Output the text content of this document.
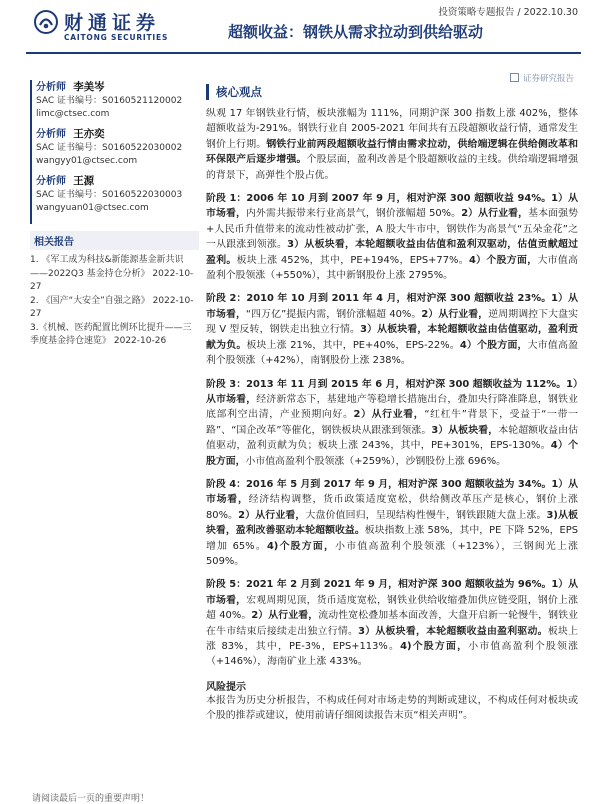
财通证券
CAITONG SECURITIES
投资策略专题报告 / 2022.10.30
超额收益：钢铁从需求拉动到供给驱动
证券研究报告
分析师 李美岑
SAC 证书编号：S0160521120002
limc@ctsec.com
分析师 王亦奕
SAC 证书编号：S0160522030002
wangyy01@ctsec.com
分析师 王源
SAC 证书编号：S0160522030003
wangyuan01@ctsec.com
相关报告
1. 《军工成为科技&新能源基金新共识——2022Q3 基金持仓分析》 2022-10-27
2. 《国产“大安全”自强之路》 2022-10-27
3.《机械、医药配置比例环比提升——三季度基金持仓速览》 2022-10-26
核心观点

纵观 17 年钢铁业行情，板块涨幅为 111%，同期沪深 300 指数上涨 402%，整体超额收益为-291%。钢铁行业自 2005-2021 年间共有五段超额收益行情，通常发生钢价上行期。钢铁行业前两段超额收益行情由需求拉动，供给端逻辑在供给侧改革和环保限产后逐步增强。个股层面，盈利改善是个股超额收益的主线。供给端逻辑增强的背景下，高弹性个股占优。

阶段 1：2006 年 10 月到 2007 年 9 月，相对沪深 300 超额收益 94%。1）从市场看，内外需共振带来行业高景气，钢价涨幅超 50%。2）从行业看，基本面强势+人民币升值带来的流动性被动扩张，A 股大牛市中，钢铁作为高景气“五朵金花”之一从跟涨到领涨。3）从板块看，本轮超额收益由估值和盈利双驱动，估值贡献超过盈利。板块上涨 452%，其中，PE+194%，EPS+77%。4）个股方面，大市值高盈利个股领涨（+550%），其中新钢股份上涨 2795%。

阶段 2：2010 年 10 月到 2011 年 4 月，相对沪深 300 超额收益 23%。1）从市场看，“四万亿”提振内需，钢价涨幅超 40%。2）从行业看，逆周期调控下大盘实现 V 型反转，钢铁走出独立行情。3）从板块看，本轮超额收益由估值驱动，盈利贡献为负。板块上涨 21%，其中，PE+40%，EPS-22%。4）个股方面，大市值高盈利个股领涨（+42%），南钢股份上涨 238%。

阶段 3：2013 年 11 月到 2015 年 6 月，相对沪深 300 超额收益为 112%。1）从市场看，经济新常态下，基建地产等稳增长措施出台，叠加央行降准降息，钢铁业底部利空出清，产业预期向好。2）从行业看，“红杠牛”背景下，受益于“一带一路”、“国企改革”等催化，钢铁板块从跟涨到领涨。3）从板块看，本轮超额收益由估值驱动，盈利贡献为负；板块上涨 243%，其中，PE+301%，EPS-130%。4）个股方面，小市值高盈利个股领涨（+259%），沙钢股份上涨 696%。

阶段 4：2016 年 5 月到 2017 年 9 月，相对沪深 300 超额收益为 34%。1）从市场看，经济结构调整，货币政策适度宽松，供给侧改革压产是核心，钢价上涨 80%。2）从行业看，大盘价值回归，呈现结构性慢牛，钢铁跟随大盘上涨。3)从板块看，盈利改善驱动本轮超额收益。板块指数上涨 58%，其中，PE 下降 52%，EPS 增加 65%。4)个股方面，小市值高盈利个股领涨（+123%），三钢闽光上涨 509%。

阶段 5：2021 年 2 月到 2021 年 9 月，相对沪深 300 超额收益为 96%。1）从市场看，宏观周期见顶，货币适度宽松，钢铁业供给收缩叠加供应链受阻，钢价上涨超 40%。2）从行业看，流动性宽松叠加基本面改善，大盘开启新一轮慢牛，钢铁业在牛市结束后接续走出独立行情。3）从板块看，本轮超额收益由盈利驱动。板块上涨 83%，其中，PE-3%，EPS+113%。4)个股方面，小市值高盈利个股领涨（+146%），海南矿业上涨 433%。

风险提示

本报告为历史分析报告，不构成任何对市场走势的判断或建议，不构成任何对板块或个股的推荐或建议，使用前请仔细阅读报告末页“相关声明”。

请阅读最后一页的重要声明！
